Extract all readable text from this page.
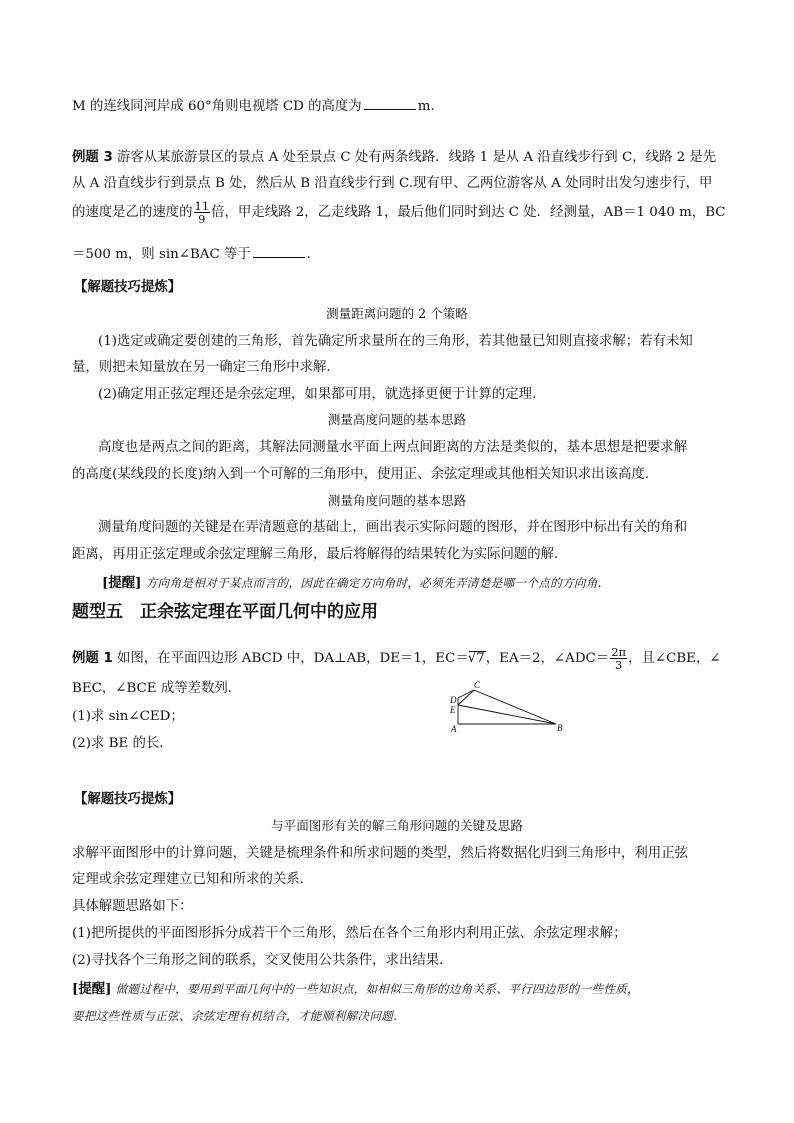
M 的连线同河岸成 60°角则电视塔 CD 的高度为	m.
例题 3 游客从某旅游景区的景点 A 处至景点 C 处有两条线路．线路 1 是从 A 沿直线步行到 C，线路 2 是先
从 A 沿直线步行到景点 B 处，然后从 B 沿直线步行到 C.现有甲、乙两位游客从 A 处同时出发匀速步行，甲
的速度是乙的速度的 $\frac{11}{9}$ 倍，甲走线路 2，乙走线路 1，最后他们同时到达 C 处．经测量，AB＝1 040 m，BC
＝500 m，则 sin∠BAC 等于	．
【解题技巧提炼】
测量距离问题的 2 个策略
(1)选定或确定要创建的三角形，首先确定所求量所在的三角形，若其他量已知则直接求解；若有未知
量，则把未知量放在另一确定三角形中求解．
(2)确定用正弦定理还是余弦定理，如果都可用，就选择更便于计算的定理．
测量高度问题的基本思路
高度也是两点之间的距离，其解法同测量水平面上两点间距离的方法是类似的，基本思想是把要求解
的高度(某线段的长度)纳入到一个可解的三角形中，使用正、余弦定理或其他相关知识求出该高度．
测量角度问题的基本思路
测量角度问题的关键是在弄清题意的基础上，画出表示实际问题的图形，并在图形中标出有关的角和
距离，再用正弦定理或余弦定理解三角形，最后将解得的结果转化为实际问题的解．
[提醒] 方向角是相对于某点而言的，因此在确定方向角时，必须先弄清楚是哪一个点的方向角．
题型五　正余弦定理在平面几何中的应用
例题 1 如图，在平面四边形 ABCD 中，DA⊥AB，DE＝1，EC＝√7，EA＝2，∠ADC＝ $\frac{2\pi}{3}$ ，且∠CBE，∠
BEC，∠BCE 成等差数列．
(1)求 sin∠CED；
(2)求 BE 的长．
D
E
C
A	B
【解题技巧提炼】
与平面图形有关的解三角形问题的关键及思路
求解平面图形中的计算问题，关键是梳理条件和所求问题的类型，然后将数据化归到三角形中，利用正弦
定理或余弦定理建立已知和所求的关系．
具体解题思路如下：
(1)把所提供的平面图形拆分成若干个三角形，然后在各个三角形内利用正弦、余弦定理求解；
(2)寻找各个三角形之间的联系，交叉使用公共条件，求出结果．
[提醒] 做题过程中，要用到平面几何中的一些知识点，如相似三角形的边角关系、平行四边形的一些性质，
要把这些性质与正弦、余弦定理有机结合，才能顺利解决问题．
